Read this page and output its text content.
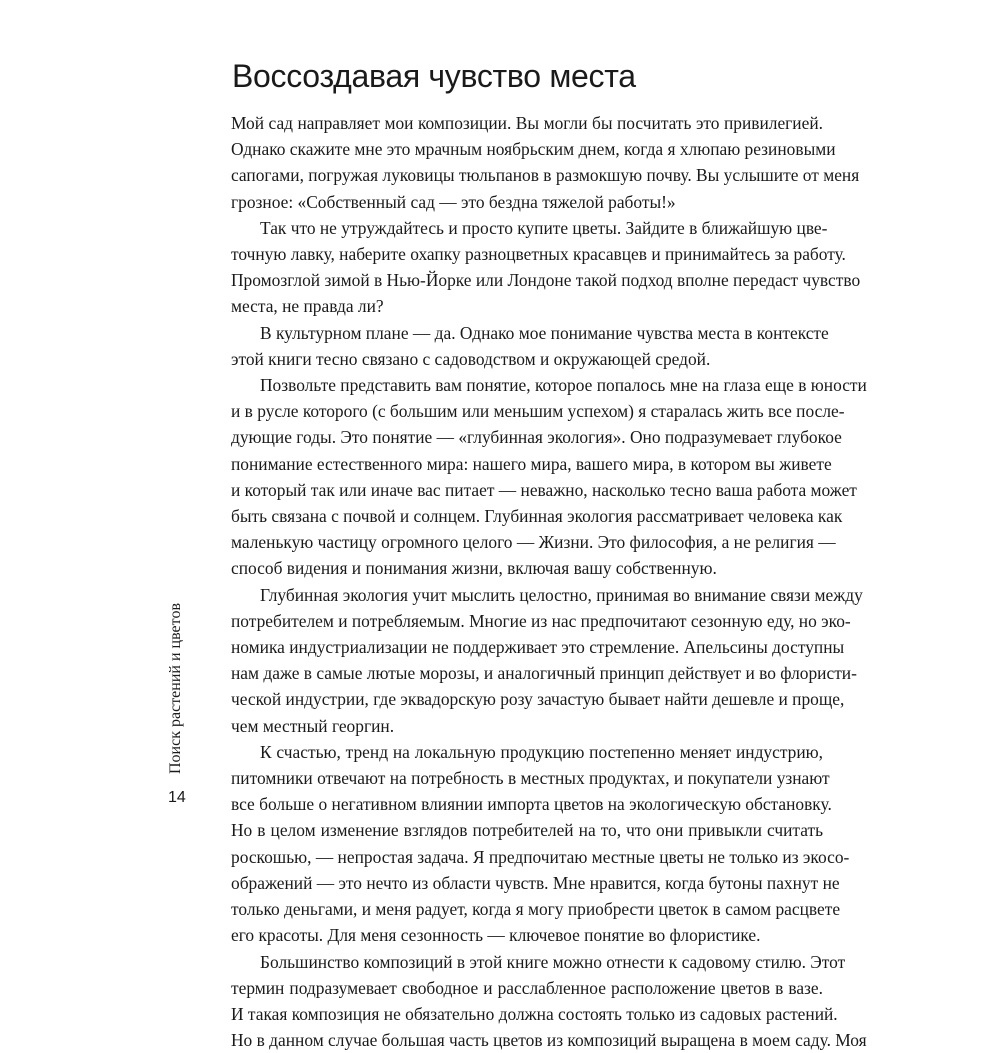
Воссоздавая чувство места

Мой сад направляет мои композиции. Вы могли бы посчитать это привилегией.
Однако скажите мне это мрачным ноябрьским днем, когда я хлюпаю резиновыми
сапогами, погружая луковицы тюльпанов в размокшую почву. Вы услышите от меня
грозное: «Собственный сад — это бездна тяжелой работы!»

Так что не утруждайтесь и просто купите цветы. Зайдите в ближайшую цве-
точную лавку, наберите охапку разноцветных красавцев и принимайтесь за работу.
Промозглой зимой в Нью-Йорке или Лондоне такой подход вполне передаст чувство
места, не правда ли?

В культурном плане — да. Однако мое понимание чувства места в контексте
этой книги тесно связано с садоводством и окружающей средой.

Позвольте представить вам понятие, которое попалось мне на глаза еще в юности
и в русле которого (с большим или меньшим успехом) я старалась жить все после-
дующие годы. Это понятие — «глубинная экология». Оно подразумевает глубокое
понимание естественного мира: нашего мира, вашего мира, в котором вы живете
и который так или иначе вас питает — неважно, насколько тесно ваша работа может
быть связана с почвой и солнцем. Глубинная экология рассматривает человека как
маленькую частицу огромного целого — Жизни. Это философия, а не религия —
способ видения и понимания жизни, включая вашу собственную.

Глубинная экология учит мыслить целостно, принимая во внимание связи между
потребителем и потребляемым. Многие из нас предпочитают сезонную еду, но эко-
номика индустриализации не поддерживает это стремление. Апельсины доступны
нам даже в самые лютые морозы, и аналогичный принцип действует и во флористи-
ческой индустрии, где эквадорскую розу зачастую бывает найти дешевле и проще,
чем местный георгин.

К счастью, тренд на локальную продукцию постепенно меняет индустрию,
питомники отвечают на потребность в местных продуктах, и покупатели узнают
все больше о негативном влиянии импорта цветов на экологическую обстановку.
Но в целом изменение взглядов потребителей на то, что они привыкли считать
роскошью, — непростая задача. Я предпочитаю местные цветы не только из экосо-
ображений — это нечто из области чувств. Мне нравится, когда бутоны пахнут не
только деньгами, и меня радует, когда я могу приобрести цветок в самом расцвете
его красоты. Для меня сезонность — ключевое понятие во флористике.

Большинство композиций в этой книге можно отнести к садовому стилю. Этот
термин подразумевает свободное и расслабленное расположение цветов в вазе.
И такая композиция не обязательно должна состоять только из садовых растений.
Но в данном случае большая часть цветов из композиций выращена в моем саду. Моя

Поиск растений и цветов
14
